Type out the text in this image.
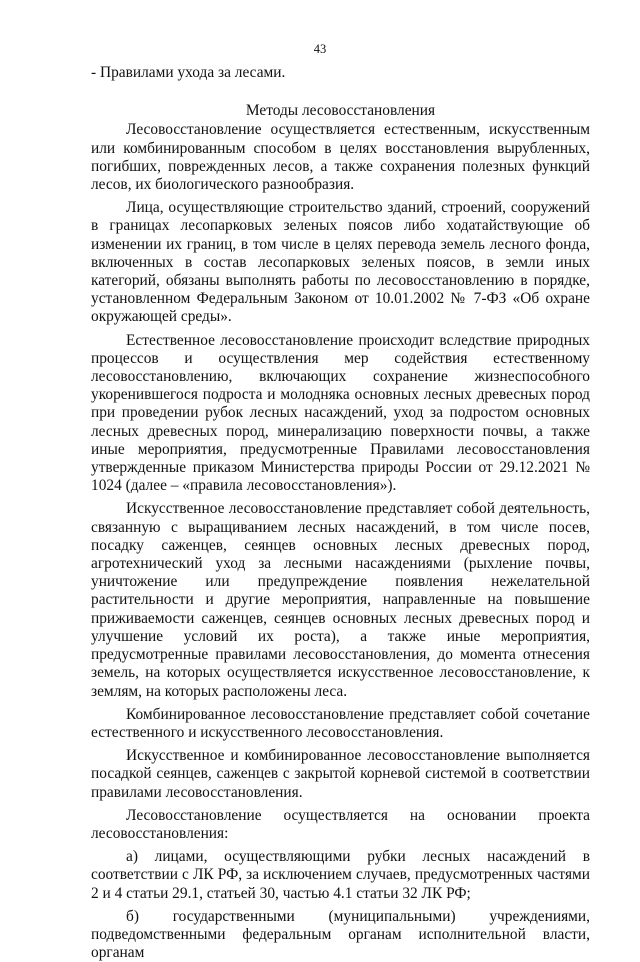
43

- Правилами ухода за лесами.

Методы лесовосстановления

Лесовосстановление осуществляется естественным, искусственным или комбинированным способом в целях восстановления вырубленных, погибших, поврежденных лесов, а также сохранения полезных функций лесов, их биологического разнообразия.

Лица, осуществляющие строительство зданий, строений, сооружений в границах лесопарковых зеленых поясов либо ходатайствующие об изменении их границ, в том числе в целях перевода земель лесного фонда, включенных в состав лесопарковых зеленых поясов, в земли иных категорий, обязаны выполнять работы по лесовосстановлению в порядке, установленном Федеральным Законом от 10.01.2002 № 7-ФЗ «Об охране окружающей среды».

Естественное лесовосстановление происходит вследствие природных процессов и осуществления мер содействия естественному лесовосстановлению, включающих сохранение жизнеспособного укоренившегося подроста и молодняка основных лесных древесных пород при проведении рубок лесных насаждений, уход за подростом основных лесных древесных пород, минерализацию поверхности почвы, а также иные мероприятия, предусмотренные Правилами лесовосстановления утвержденные приказом Министерства природы России от 29.12.2021 № 1024 (далее – «правила лесовосстановления»).

Искусственное лесовосстановление представляет собой деятельность, связанную с выращиванием лесных насаждений, в том числе посев, посадку саженцев, сеянцев основных лесных древесных пород, агротехнический уход за лесными насаждениями (рыхление почвы, уничтожение или предупреждение появления нежелательной растительности и другие мероприятия, направленные на повышение приживаемости саженцев, сеянцев основных лесных древесных пород и улучшение условий их роста), а также иные мероприятия, предусмотренные правилами лесовосстановления, до момента отнесения земель, на которых осуществляется искусственное лесовосстановление, к землям, на которых расположены леса.

Комбинированное лесовосстановление представляет собой сочетание естественного и искусственного лесовосстановления.

Искусственное и комбинированное лесовосстановление выполняется посадкой сеянцев, саженцев с закрытой корневой системой в соответствии правилами лесовосстановления.

Лесовосстановление осуществляется на основании проекта лесовосстановления:

а) лицами, осуществляющими рубки лесных насаждений в соответствии с ЛК РФ, за исключением случаев, предусмотренных частями 2 и 4 статьи 29.1, статьей 30, частью 4.1 статьи 32 ЛК РФ;

б) государственными (муниципальными) учреждениями, подведомственными федеральным органам исполнительной власти, органам
